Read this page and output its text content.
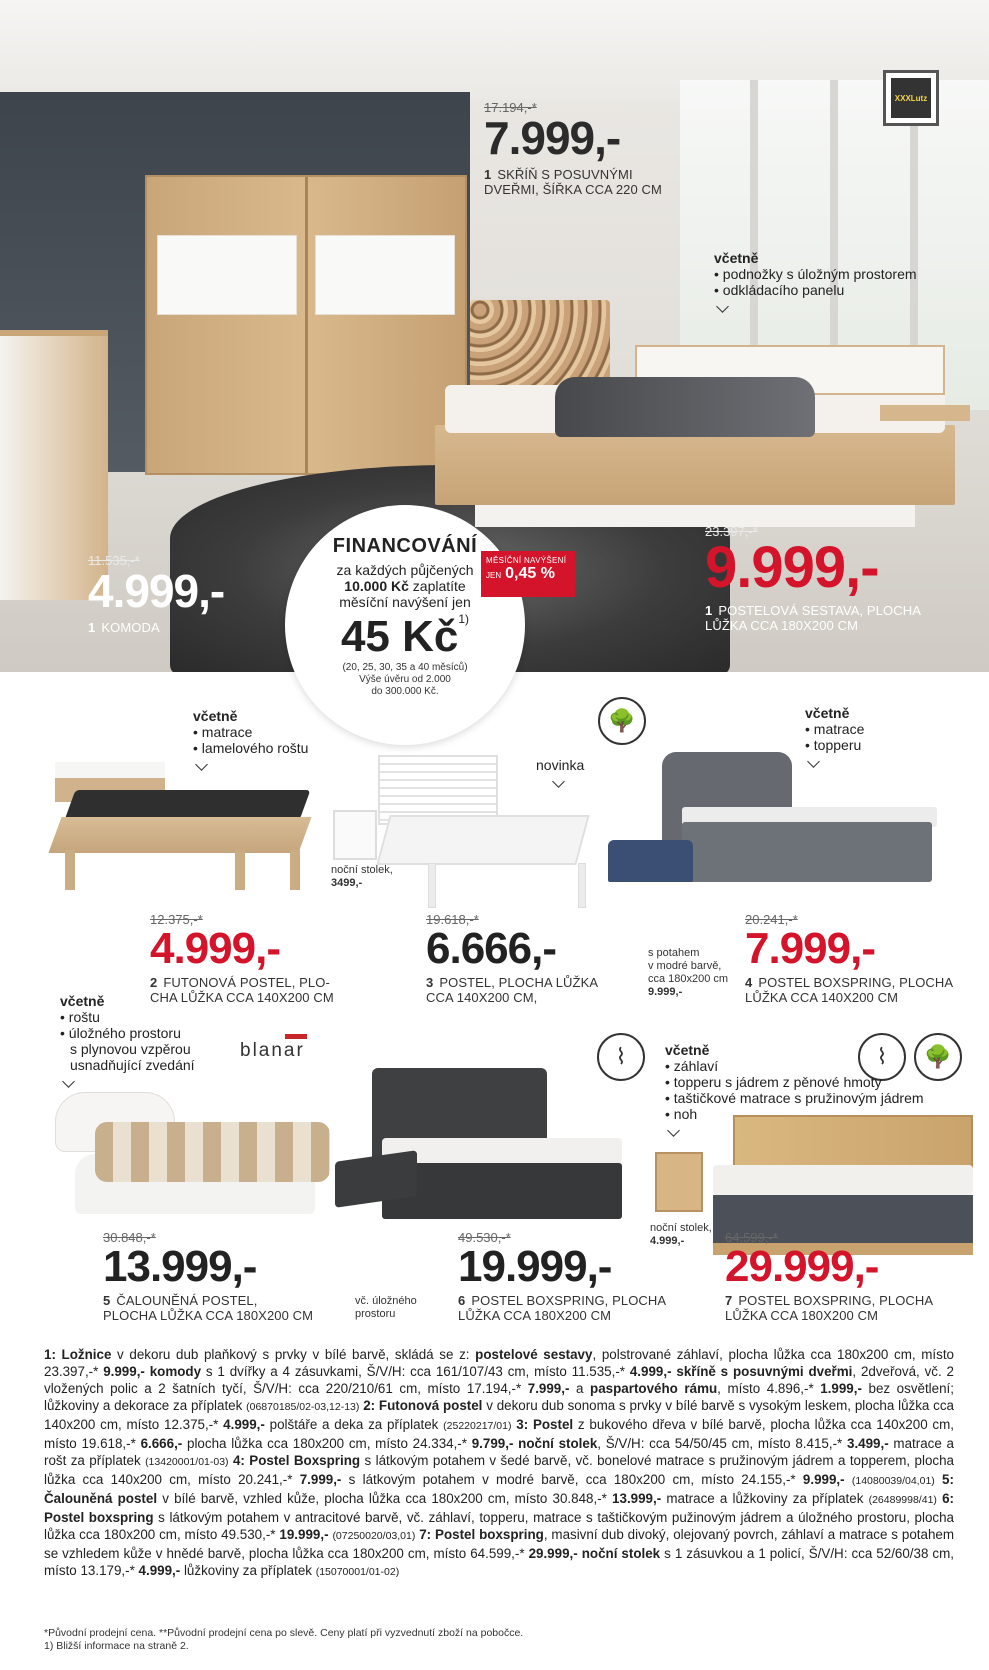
XXXLutz
17.194,-*
7.999,-
1 SKŘÍŇ S POSUVNÝMI
DVEŘMI, ŠÍŘKA CCA 220 CM
včetně
• podnožky s úložným prostorem
• odkládacího panelu
11.535,-*
4.999,-
1 KOMODA
23.397,-*
9.999,-
1 POSTELOVÁ SESTAVA, PLOCHA
LŮŽKA CCA 180X200 CM
FINANCOVÁNÍ
za každých půjčených
10.000 Kč zaplatíte
měsíční navýšení jen
45 $Kč^{1)}$
(20, 25, 30, 35 a 40 měsíců)
Výše úvěru od 2.000
do 300.000 Kč.
MĚSÍČNÍ NAVÝŠENÍ
JEN 0,45 %
včetně
• matrace
• lamelového roštu
12.375,-*
4.999,-
2 FUTONOVÁ POSTEL, PLO-
CHA LŮŽKA CCA 140X200 CM
🌳
novinka
noční stolek,
3499,-
19.618,-*
6.666,-
3 POSTEL, PLOCHA LŮŽKA
CCA 140X200 CM,
včetně
• matrace
• topperu
s potahem
v modré barvě,
cca 180x200 cm
9.999,-
20.241,-*
7.999,-
4 POSTEL BOXSPRING, PLOCHA
LŮŽKA CCA 140X200 CM
včetně
• roštu
• úložného prostoru
s plynovou vzpěrou
usnadňující zvedání
blanar
30.848,-*
13.999,-
5 ČALOUNĚNÁ POSTEL,
PLOCHA LŮŽKA CCA 180X200 CM
⌇
vč. úložného
prostoru
49.530,-*
19.999,-
6 POSTEL BOXSPRING, PLOCHA
LŮŽKA CCA 180X200 CM
⌇	🌳
včetně
• záhlaví
• topperu s jádrem z pěnové hmoty
• taštičkové matrace s pružinovým jádrem
• noh
noční stolek,
4.999,-	64.599,-*
29.999,-
7 POSTEL BOXSPRING, PLOCHA
LŮŽKA CCA 180X200 CM
1: Ložnice v dekoru dub plaňkový s prvky v bílé barvě, skládá se z: postelové sestavy, polstrované záhlaví, plocha lůžka cca 180x200 cm, místo 23.397,-* 9.999,- komody s 1 dvířky a 4 zásuvkami, Š/V/H: cca 161/107/43 cm, místo 11.535,-* 4.999,- skříně s posuvnými dveřmi, 2dveřová, vč. 2 vložených polic a 2 šatních tyčí, Š/V/H: cca 220/210/61 cm, místo 17.194,-* 7.999,- a paspartového rámu, místo 4.896,-* 1.999,- bez osvětlení; lůžkoviny a dekorace za příplatek (06870185/02-03,12-13) 2: Futonová postel v dekoru dub sonoma s prvky v bílé barvě s vysokým leskem, plocha lůžka cca 140x200 cm, místo 12.375,-* 4.999,- polštáře a deka za příplatek (25220217/01) 3: Postel z bukového dřeva v bílé barvě, plocha lůžka cca 140x200 cm, místo 19.618,-* 6.666,- plocha lůžka cca 180x200 cm, místo 24.334,-* 9.799,- noční stolek, Š/V/H: cca 54/50/45 cm, místo 8.415,-* 3.499,- matrace a rošt za příplatek (13420001/01-03) 4: Postel Boxspring s látkovým potahem v šedé barvě, vč. bonelové matrace s pružinovým jádrem a topperem, plocha lůžka cca 140x200 cm, místo 20.241,-* 7.999,- s látkovým potahem v modré barvě, cca 180x200 cm, místo 24.155,-* 9.999,- (14080039/04,01) 5: Čalouněná postel v bílé barvě, vzhled kůže, plocha lůžka cca 180x200 cm, místo 30.848,-* 13.999,- matrace a lůžkoviny za příplatek (26489998/41) 6: Postel boxspring s látkovým potahem v antracitové barvě, vč. záhlaví, topperu, matrace s taštičkovým pužinovým jádrem a úložného prostoru, plocha lůžka cca 180x200 cm, místo 49.530,-* 19.999,- (07250020/03,01) 7: Postel boxspring, masivní dub divoký, olejovaný povrch, záhlaví a matrace s potahem se vzhledem kůže v hnědé barvě, plocha lůžka cca 180x200 cm, místo 64.599,-* 29.999,- noční stolek s 1 zásuvkou a 1 policí, Š/V/H: cca 52/60/38 cm, místo 13.179,-* 4.999,- lůžkoviny za příplatek (15070001/01-02)
*Původní prodejní cena. **Původní prodejní cena po slevě. Ceny platí při vyzvednutí zboží na pobočce.
1) Bližší informace na straně 2.
